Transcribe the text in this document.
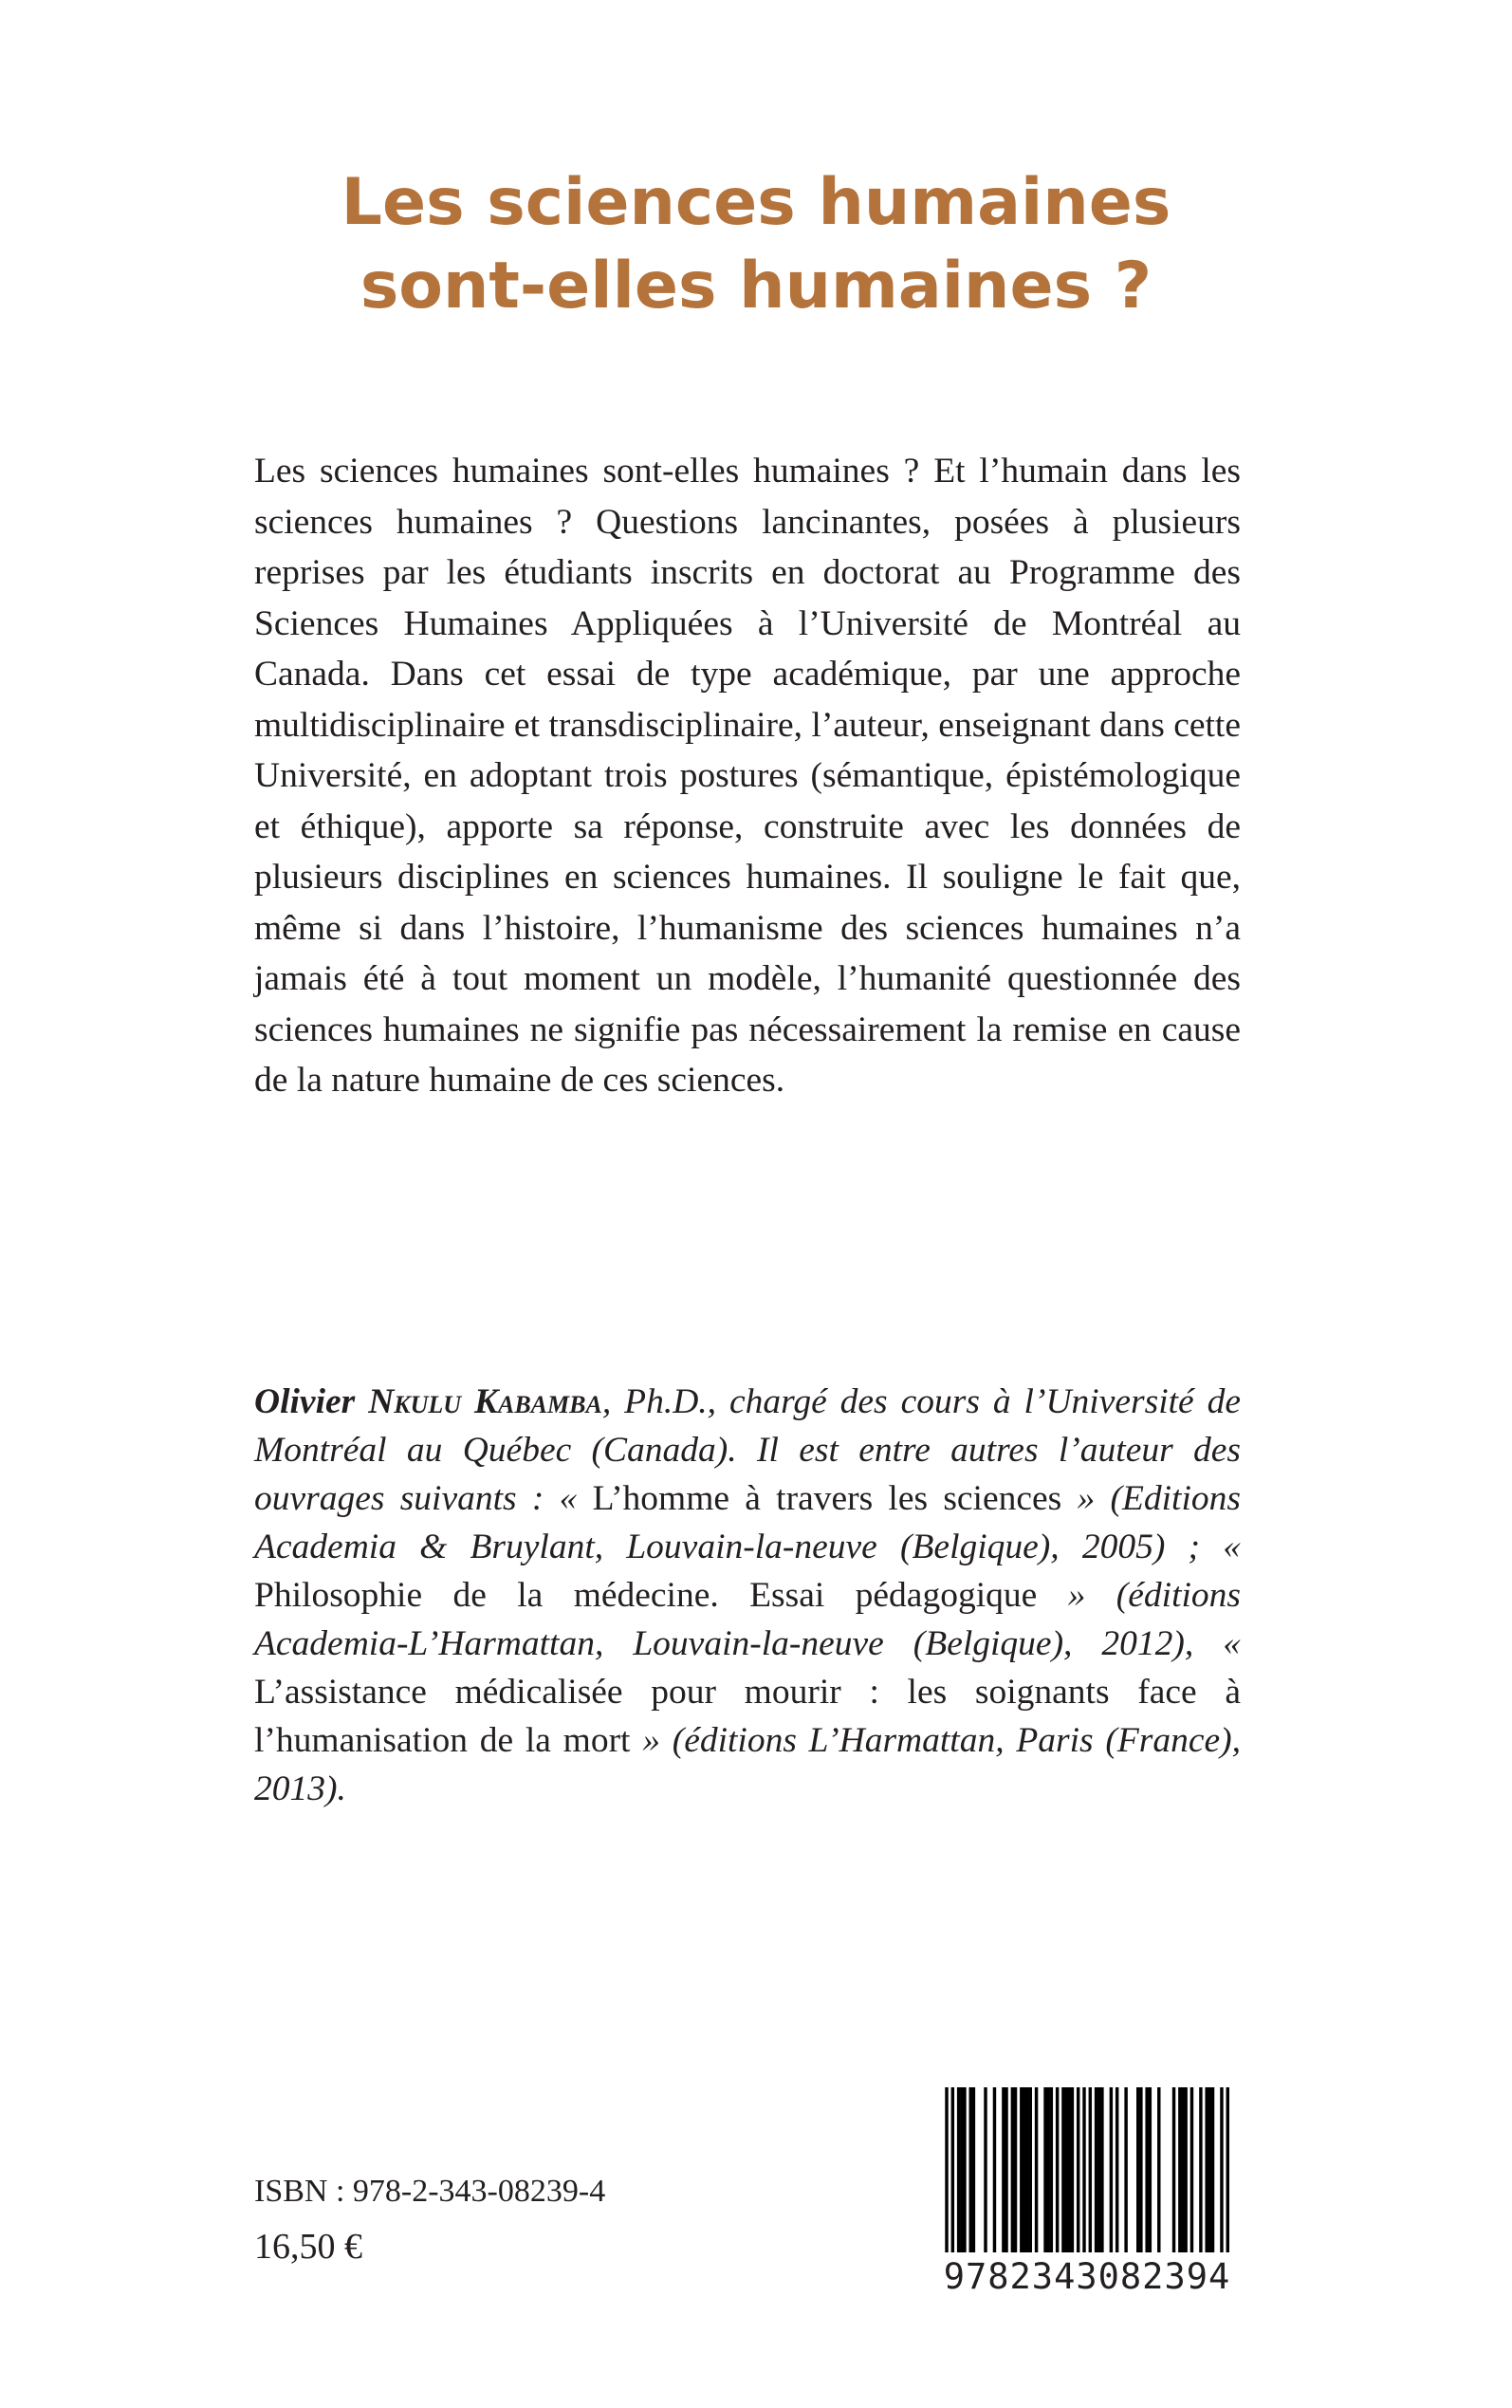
Les sciences humaines
sont-elles humaines ?

Les sciences humaines sont-elles humaines ? Et l’humain dans les sciences humaines ? Questions lancinantes, posées à plusieurs reprises par les étudiants inscrits en doctorat au Programme des Sciences Humaines Appliquées à l’Université de Montréal au Canada. Dans cet essai de type académique, par une approche multidisciplinaire et transdisciplinaire, l’auteur, enseignant dans cette Université, en adoptant trois postures (sémantique, épistémologique et éthique), apporte sa réponse, construite avec les données de plusieurs disciplines en sciences humaines. Il souligne le fait que, même si dans l’histoire, l’humanisme des sciences humaines n’a jamais été à tout moment un modèle, l’humanité questionnée des sciences humaines ne signifie pas nécessairement la remise en cause de la nature humaine de ces sciences.

Olivier Nkulu Kabamba, Ph.D., chargé des cours à l’Université de Montréal au Québec (Canada). Il est entre autres l’auteur des ouvrages suivants : « L’homme à travers les sciences » (Editions Academia & Bruylant, Louvain-la-neuve (Belgique), 2005) ; « Philosophie de la médecine. Essai pédagogique » (éditions Academia-L’Harmattan, Louvain-la-neuve (Belgique), 2012), « L’assistance médicalisée pour mourir : les soignants face à l’humanisation de la mort » (éditions L’Harmattan, Paris (France), 2013).

ISBN : 978-2-343-08239-4
16,50 €
9782343082394
